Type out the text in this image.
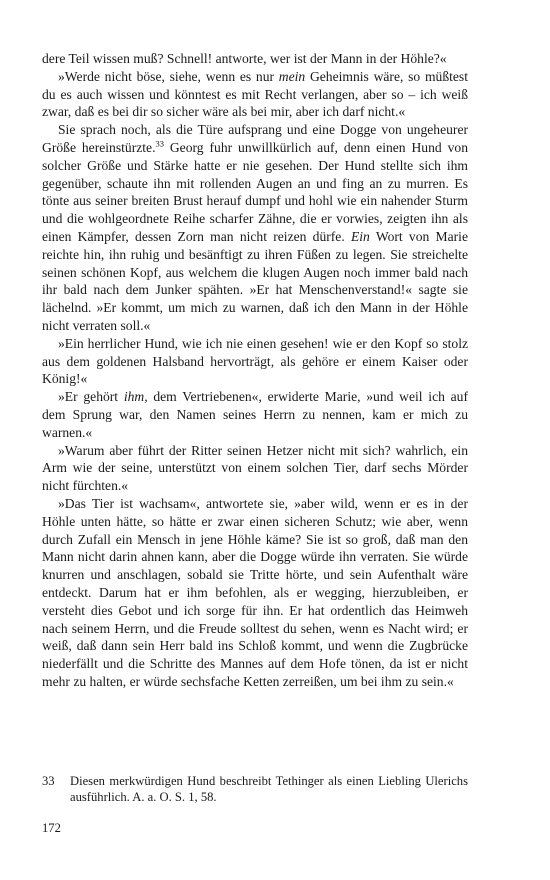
dere Teil wissen muß? Schnell! antworte, wer ist der Mann in der Höhle?«

»Werde nicht böse, siehe, wenn es nur mein Geheimnis wäre, so müßtest du es auch wissen und könntest es mit Recht verlangen, aber so – ich weiß zwar, daß es bei dir so sicher wäre als bei mir, aber ich darf nicht.«

Sie sprach noch, als die Türe aufsprang und eine Dogge von ungeheurer Größe hereinstürzte.$^{33}$ Georg fuhr unwillkürlich auf, denn einen Hund von solcher Größe und Stärke hatte er nie gesehen. Der Hund stellte sich ihm gegenüber, schaute ihn mit rollenden Augen an und fing an zu murren. Es tönte aus seiner breiten Brust herauf dumpf und hohl wie ein nahender Sturm und die wohlgeordnete Reihe scharfer Zähne, die er vorwies, zeigten ihn als einen Kämpfer, dessen Zorn man nicht reizen dürfe. Ein Wort von Marie reichte hin, ihn ruhig und besänftigt zu ihren Füßen zu legen. Sie streichelte seinen schönen Kopf, aus welchem die klugen Augen noch immer bald nach ihr bald nach dem Junker spähten. »Er hat Menschenverstand!« sagte sie lächelnd. »Er kommt, um mich zu warnen, daß ich den Mann in der Höhle nicht verraten soll.«

»Ein herrlicher Hund, wie ich nie einen gesehen! wie er den Kopf so stolz aus dem goldenen Halsband hervorträgt, als gehöre er einem Kaiser oder König!«

»Er gehört ihm, dem Vertriebenen«, erwiderte Marie, »und weil ich auf dem Sprung war, den Namen seines Herrn zu nennen, kam er mich zu warnen.«

»Warum aber führt der Ritter seinen Hetzer nicht mit sich? wahrlich, ein Arm wie der seine, unterstützt von einem solchen Tier, darf sechs Mörder nicht fürchten.«

»Das Tier ist wachsam«, antwortete sie, »aber wild, wenn er es in der Höhle unten hätte, so hätte er zwar einen sicheren Schutz; wie aber, wenn durch Zufall ein Mensch in jene Höhle käme? Sie ist so groß, daß man den Mann nicht darin ahnen kann, aber die Dogge würde ihn verraten. Sie würde knurren und anschlagen, sobald sie Tritte hörte, und sein Aufenthalt wäre entdeckt. Darum hat er ihm befohlen, als er wegging, hierzubleiben, er versteht dies Gebot und ich sorge für ihn. Er hat ordentlich das Heimweh nach seinem Herrn, und die Freude solltest du sehen, wenn es Nacht wird; er weiß, daß dann sein Herr bald ins Schloß kommt, und wenn die Zugbrücke niederfällt und die Schritte des Mannes auf dem Hofe tönen, da ist er nicht mehr zu halten, er würde sechsfache Ketten zerreißen, um bei ihm zu sein.«

33	Diesen merkwürdigen Hund beschreibt Tethinger als einen Liebling Ulerichs ausführlich. A. a. O. S. 1, 58.
172
